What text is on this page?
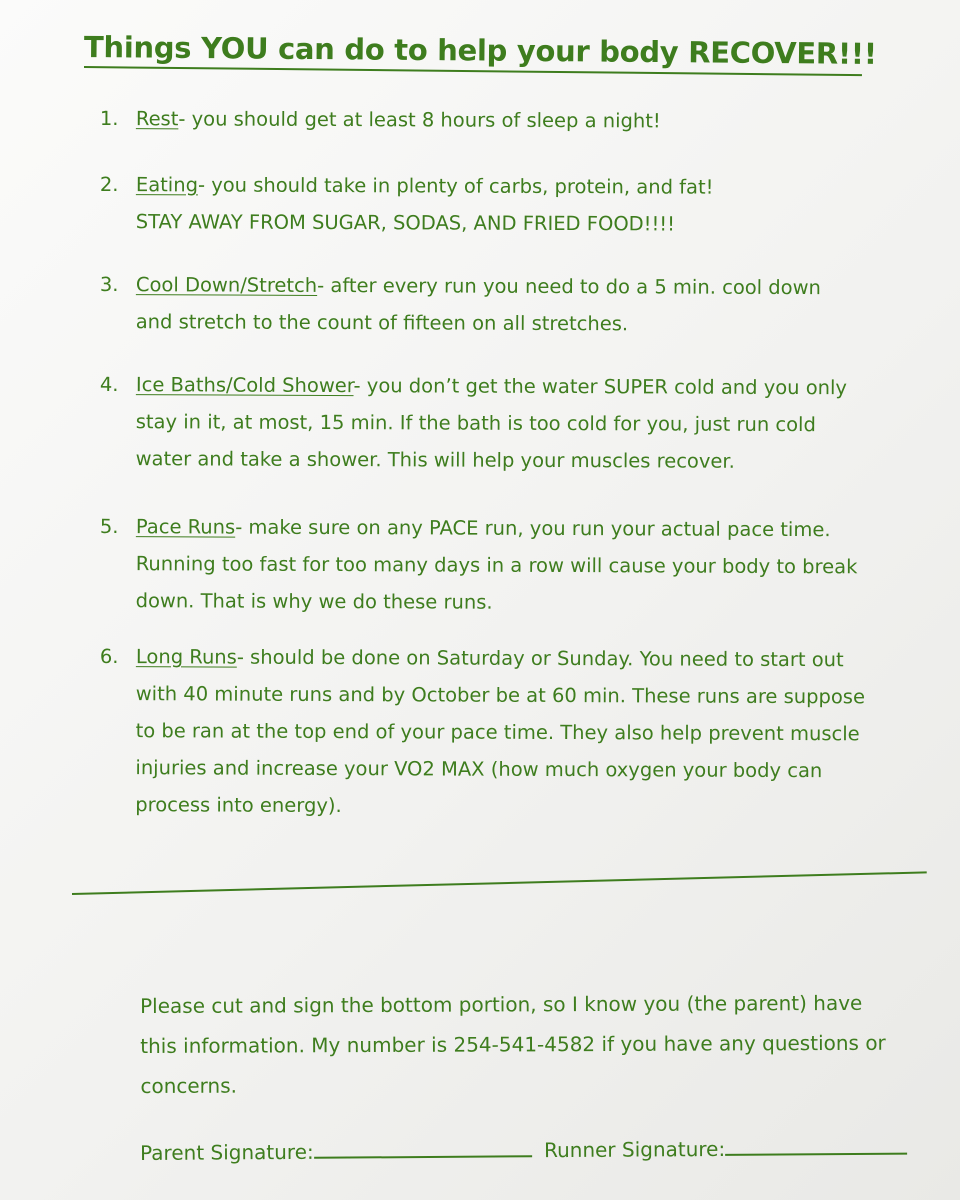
Things YOU can do to help your body RECOVER!!!
1. Rest- you should get at least 8 hours of sleep a night!
2. Eating- you should take in plenty of carbs, protein, and fat!
STAY AWAY FROM SUGAR, SODAS, AND FRIED FOOD!!!!
3. Cool Down/Stretch- after every run you need to do a 5 min. cool down
and stretch to the count of fifteen on all stretches.
4. Ice Baths/Cold Shower- you don’t get the water SUPER cold and you only
stay in it, at most, 15 min. If the bath is too cold for you, just run cold
water and take a shower. This will help your muscles recover.
5. Pace Runs- make sure on any PACE run, you run your actual pace time.
Running too fast for too many days in a row will cause your body to break
down. That is why we do these runs.
6. Long Runs- should be done on Saturday or Sunday. You need to start out
with 40 minute runs and by October be at 60 min. These runs are suppose
to be ran at the top end of your pace time. They also help prevent muscle
injuries and increase your VO2 MAX (how much oxygen your body can
process into energy).
Please cut and sign the bottom portion, so I know you (the parent) have
this information. My number is 254-541-4582 if you have any questions or
concerns.
Parent Signature:	Runner Signature:
